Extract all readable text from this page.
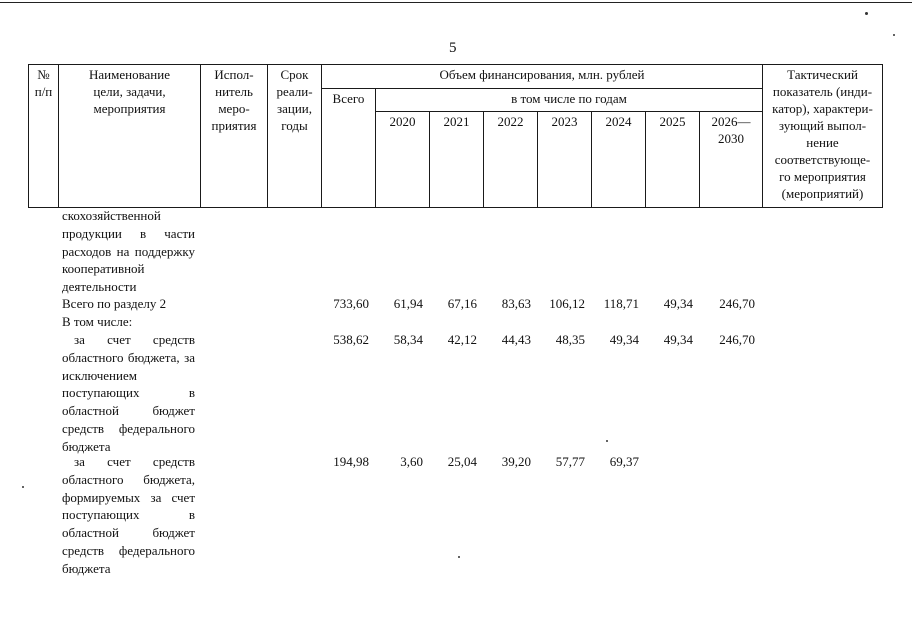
5
№
п/п
Наименование
цели, задачи,
мероприятия
Испол-
нитель
меро-
приятия
Срок
реали-
зации,
годы
Объем финансирования, млн. рублей
Всего	в том числе по годам
2020	2021	2022	2023	2024	2025	2026—
2030
Тактический
показатель (инди-
катор), характери-
зующий выпол-
нение
соответствующе-
го мероприятия
(мероприятий)
скохозяйственной продукции в части расходов на поддержку кооперативной деятельности
Всего по разделу 2	733,60	61,94	67,16	83,63	106,12	118,71	49,34	246,70
В том числе:
за счет средств областного бюджета, за исключением поступающих в областной бюджет средств федерального бюджета
538,62	58,34	42,12	44,43	48,35	49,34	49,34	246,70
за счет средств областного бюджета, формируемых за счет поступающих в областной бюджет средств федерального бюджета
194,98	3,60	25,04	39,20	57,77	69,37
